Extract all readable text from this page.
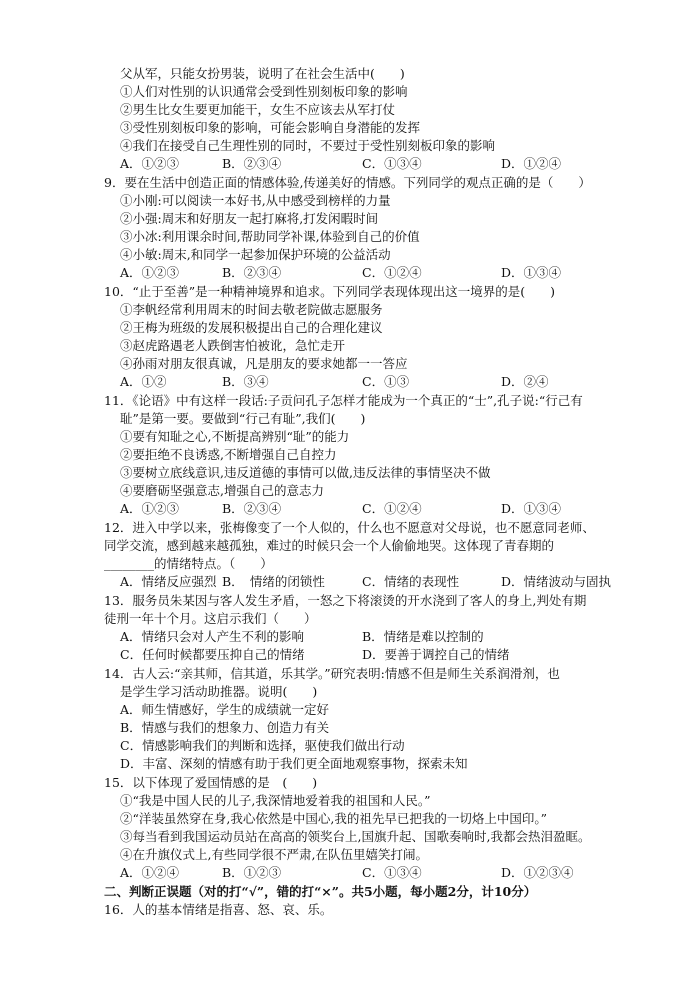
父从军，只能女扮男装，说明了在社会生活中(　　)
①人们对性别的认识通常会受到性别刻板印象的影响
②男生比女生要更加能干，女生不应该去从军打仗
③受性别刻板印象的影响，可能会影响自身潜能的发挥
④我们在接受自己生理性别的同时，不要过于受性别刻板印象的影响
A．①②③	B．②③④	C．①③④	D．①②④
9．要在生活中创造正面的情感体验,传递美好的情感。下列同学的观点正确的是（　　）
①小刚:可以阅读一本好书,从中感受到榜样的力量
②小强:周末和好朋友一起打麻将,打发闲暇时间
③小冰:利用课余时间,帮助同学补课,体验到自己的价值
④小敏:周末,和同学一起参加保护环境的公益活动
A．①②③	B．②③④	C．①②④	D．①③④
10．“止于至善”是一种精神境界和追求。下列同学表现体现出这一境界的是(　　)
①李帆经常利用周末的时间去敬老院做志愿服务
②王梅为班级的发展积极提出自己的合理化建议
③赵虎路遇老人跌倒害怕被讹，急忙走开
④孙雨对朋友很真诚，凡是朋友的要求她都一一答应
A．①②	B．③④	C．①③	D．②④
11．《论语》中有这样一段话:子贡问孔子怎样才能成为一个真正的“士”,孔子说:“行己有
耻”是第一要。要做到“行己有耻”,我们(　　)
①要有知耻之心,不断提高辨别“耻”的能力
②要拒绝不良诱惑,不断增强自己自控力
③要树立底线意识,违反道德的事情可以做,违反法律的事情坚决不做
④要磨砺坚强意志,增强自己的意志力
A．①②③	B．②③④	C．①②④	D．①③④
12．进入中学以来，张梅像变了一个人似的，什么也不愿意对父母说，也不愿意同老师、
同学交流，感到越来越孤独，难过的时候只会一个人偷偷地哭。这体现了青春期的
________的情绪特点。（　　）
A．情绪反应强烈 B．　情绪的闭锁性	C．情绪的表现性	D．情绪波动与固执
13．服务员朱某因与客人发生矛盾，一怒之下将滚烫的开水浇到了客人的身上,判处有期
徒刑一年十个月。这启示我们（　　）
A．情绪只会对人产生不利的影响	B．情绪是难以控制的
C．任何时候都要压抑自己的情绪	D．要善于调控自己的情绪
14．古人云:“亲其师，信其道，乐其学。”研究表明:情感不但是师生关系润滑剂，也
是学生学习活动助推器。说明(　　)
A．师生情感好，学生的成绩就一定好
B．情感与我们的想象力、创造力有关
C．情感影响我们的判断和选择，驱使我们做出行动
D．丰富、深刻的情感有助于我们更全面地观察事物，探索未知
15．以下体现了爱国情感的是　(　　)
①“我是中国人民的儿子,我深情地爱着我的祖国和人民。”
②“洋装虽然穿在身,我心依然是中国心,我的祖先早已把我的一切烙上中国印。”
③每当看到我国运动员站在高高的领奖台上,国旗升起、国歌奏响时,我都会热泪盈眶。
④在升旗仪式上,有些同学很不严肃,在队伍里嬉笑打闹。
A．①②④	B．①②③	C．①③④	D．①②③④
二、判断正误题（对的打“√”，错的打“×”。共5小题，每小题2分，计10分）
16．人的基本情绪是指喜、怒、哀、乐。
